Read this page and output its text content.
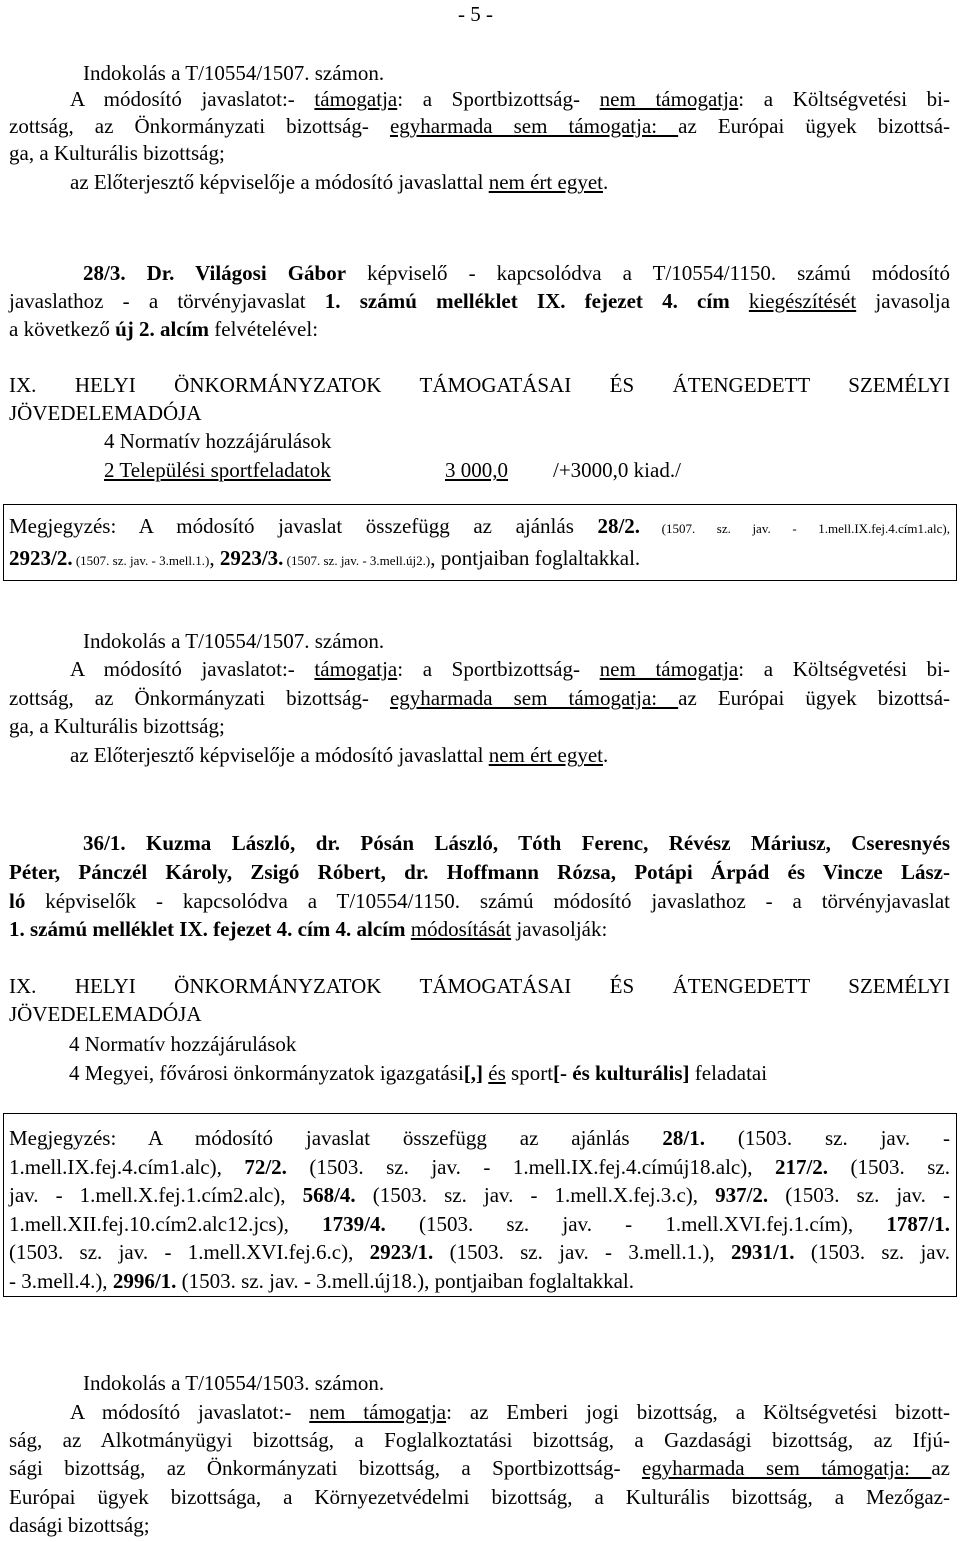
- 5 -
Indokolás a T/10554/1507. számon.
A módosító javaslatot:- támogatja: a Sportbizottság- nem támogatja: a Költségvetési bi-
zottság, az Önkormányzati bizottság- egyharmada sem támogatja: az Európai ügyek bizottsá-
ga, a Kulturális bizottság;
az Előterjesztő képviselője a módosító javaslattal nem ért egyet.
28/3. Dr. Világosi Gábor képviselő - kapcsolódva a T/10554/1150. számú módosító
javaslathoz - a törvényjavaslat 1. számú melléklet IX. fejezet 4. cím kiegészítését javasolja
a következő új 2. alcím felvételével:
IX. HELYI ÖNKORMÁNYZATOK TÁMOGATÁSAI ÉS ÁTENGEDETT SZEMÉLYI
JÖVEDELEMADÓJA
4 Normatív hozzájárulások
2 Települési sportfeladatok	3 000,0 /+3000,0 kiad./
Megjegyzés: A módosító javaslat összefügg az ajánlás 28/2. (1507. sz. jav. - 1.mell.IX.fej.4.cím1.alc),
2923/2. (1507. sz. jav. - 3.mell.1.), 2923/3. (1507. sz. jav. - 3.mell.új2.), pontjaiban foglaltakkal.
Indokolás a T/10554/1507. számon.
A módosító javaslatot:- támogatja: a Sportbizottság- nem támogatja: a Költségvetési bi-
zottság, az Önkormányzati bizottság- egyharmada sem támogatja: az Európai ügyek bizottsá-
ga, a Kulturális bizottság;
az Előterjesztő képviselője a módosító javaslattal nem ért egyet.
36/1. Kuzma László, dr. Pósán László, Tóth Ferenc, Révész Máriusz, Cseresnyés
Péter, Pánczél Károly, Zsigó Róbert, dr. Hoffmann Rózsa, Potápi Árpád és Vincze Lász-
ló képviselők - kapcsolódva a T/10554/1150. számú módosító javaslathoz - a törvényjavaslat
1. számú melléklet IX. fejezet 4. cím 4. alcím módosítását javasolják:
IX. HELYI ÖNKORMÁNYZATOK TÁMOGATÁSAI ÉS ÁTENGEDETT SZEMÉLYI
JÖVEDELEMADÓJA
4 Normatív hozzájárulások
4 Megyei, fővárosi önkormányzatok igazgatási[,] és sport[- és kulturális] feladatai
Megjegyzés: A módosító javaslat összefügg az ajánlás 28/1. (1503. sz. jav. -
1.mell.IX.fej.4.cím1.alc), 72/2. (1503. sz. jav. - 1.mell.IX.fej.4.címúj18.alc), 217/2. (1503. sz.
jav. - 1.mell.X.fej.1.cím2.alc), 568/4. (1503. sz. jav. - 1.mell.X.fej.3.c), 937/2. (1503. sz. jav. -
1.mell.XII.fej.10.cím2.alc12.jcs), 1739/4. (1503. sz. jav. - 1.mell.XVI.fej.1.cím), 1787/1.
(1503. sz. jav. - 1.mell.XVI.fej.6.c), 2923/1. (1503. sz. jav. - 3.mell.1.), 2931/1. (1503. sz. jav.
- 3.mell.4.), 2996/1. (1503. sz. jav. - 3.mell.új18.), pontjaiban foglaltakkal.
Indokolás a T/10554/1503. számon.
A módosító javaslatot:- nem támogatja: az Emberi jogi bizottság, a Költségvetési bizott-
ság, az Alkotmányügyi bizottság, a Foglalkoztatási bizottság, a Gazdasági bizottság, az Ifjú-
sági bizottság, az Önkormányzati bizottság, a Sportbizottság- egyharmada sem támogatja: az
Európai ügyek bizottsága, a Környezetvédelmi bizottság, a Kulturális bizottság, a Mezőgaz-
dasági bizottság;
